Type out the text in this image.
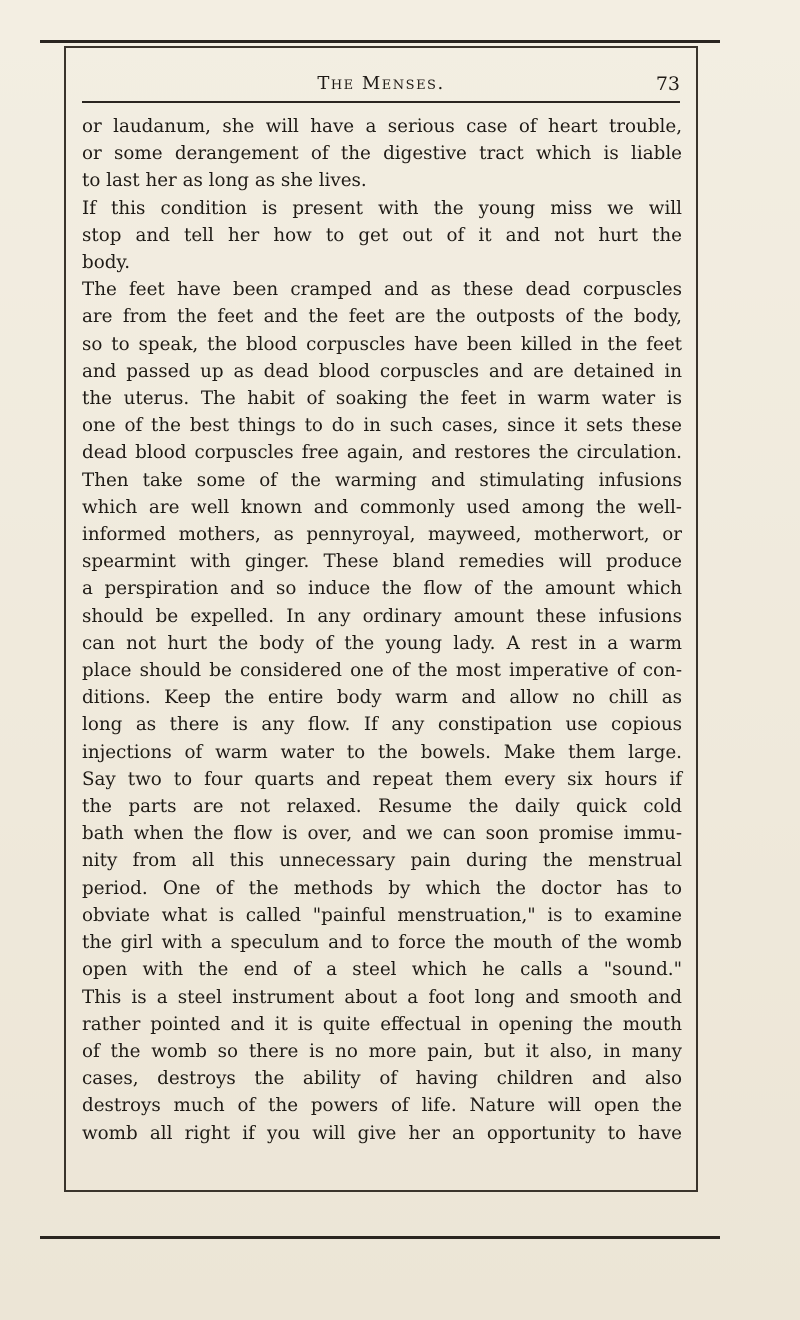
The Menses.	73
or laudanum, she will have a serious case of heart trouble,
or some derangement of the digestive tract which is liable
to last her as long as she lives.
If this condition is present with the young miss we will
stop and tell her how to get out of it and not hurt the
body.
The feet have been cramped and as these dead corpuscles
are from the feet and the feet are the outposts of the body,
so to speak, the blood corpuscles have been killed in the feet
and passed up as dead blood corpuscles and are detained in
the uterus. The habit of soaking the feet in warm water is
one of the best things to do in such cases, since it sets these
dead blood corpuscles free again, and restores the circulation.
Then take some of the warming and stimulating infusions
which are well known and commonly used among the well-
informed mothers, as pennyroyal, mayweed, motherwort, or
spearmint with ginger. These bland remedies will produce
a perspiration and so induce the flow of the amount which
should be expelled. In any ordinary amount these infusions
can not hurt the body of the young lady. A rest in a warm
place should be considered one of the most imperative of con-
ditions. Keep the entire body warm and allow no chill as
long as there is any flow. If any constipation use copious
injections of warm water to the bowels. Make them large.
Say two to four quarts and repeat them every six hours if
the parts are not relaxed. Resume the daily quick cold
bath when the flow is over, and we can soon promise immu-
nity from all this unnecessary pain during the menstrual
period. One of the methods by which the doctor has to
obviate what is called "painful menstruation," is to examine
the girl with a speculum and to force the mouth of the womb
open with the end of a steel which he calls a "sound."
This is a steel instrument about a foot long and smooth and
rather pointed and it is quite effectual in opening the mouth
of the womb so there is no more pain, but it also, in many
cases, destroys the ability of having children and also
destroys much of the powers of life. Nature will open the
womb all right if you will give her an opportunity to have
